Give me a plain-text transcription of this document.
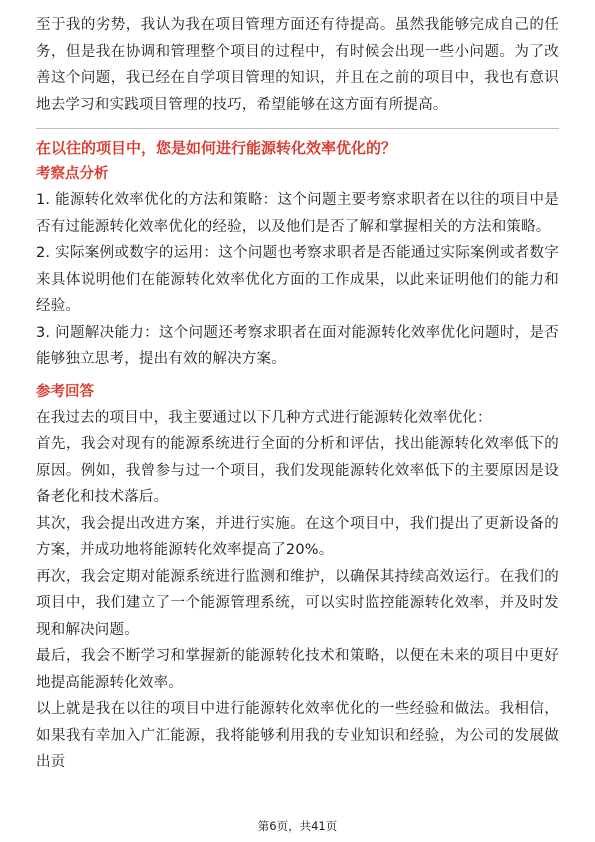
至于我的劣势，我认为我在项目管理方面还有待提高。虽然我能够完成自己的任务，但是我在协调和管理整个项目的过程中，有时候会出现一些小问题。为了改善这个问题，我已经在自学项目管理的知识，并且在之前的项目中，我也有意识地去学习和实践项目管理的技巧，希望能够在这方面有所提高。

在以往的项目中，您是如何进行能源转化效率优化的？

考察点分析

1. 能源转化效率优化的方法和策略：这个问题主要考察求职者在以往的项目中是否有过能源转化效率优化的经验，以及他们是否了解和掌握相关的方法和策略。

2. 实际案例或数字的运用：这个问题也考察求职者是否能通过实际案例或者数字来具体说明他们在能源转化效率优化方面的工作成果，以此来证明他们的能力和经验。

3. 问题解决能力：这个问题还考察求职者在面对能源转化效率优化问题时，是否能够独立思考，提出有效的解决方案。

参考回答

在我过去的项目中，我主要通过以下几种方式进行能源转化效率优化：

首先，我会对现有的能源系统进行全面的分析和评估，找出能源转化效率低下的原因。例如，我曾参与过一个项目，我们发现能源转化效率低下的主要原因是设备老化和技术落后。

其次，我会提出改进方案，并进行实施。在这个项目中，我们提出了更新设备的方案，并成功地将能源转化效率提高了20%。

再次，我会定期对能源系统进行监测和维护，以确保其持续高效运行。在我们的项目中，我们建立了一个能源管理系统，可以实时监控能源转化效率，并及时发现和解决问题。

最后，我会不断学习和掌握新的能源转化技术和策略，以便在未来的项目中更好地提高能源转化效率。

以上就是我在以往的项目中进行能源转化效率优化的一些经验和做法。我相信，如果我有幸加入广汇能源，我将能够利用我的专业知识和经验，为公司的发展做出贡

第6页，共41页
